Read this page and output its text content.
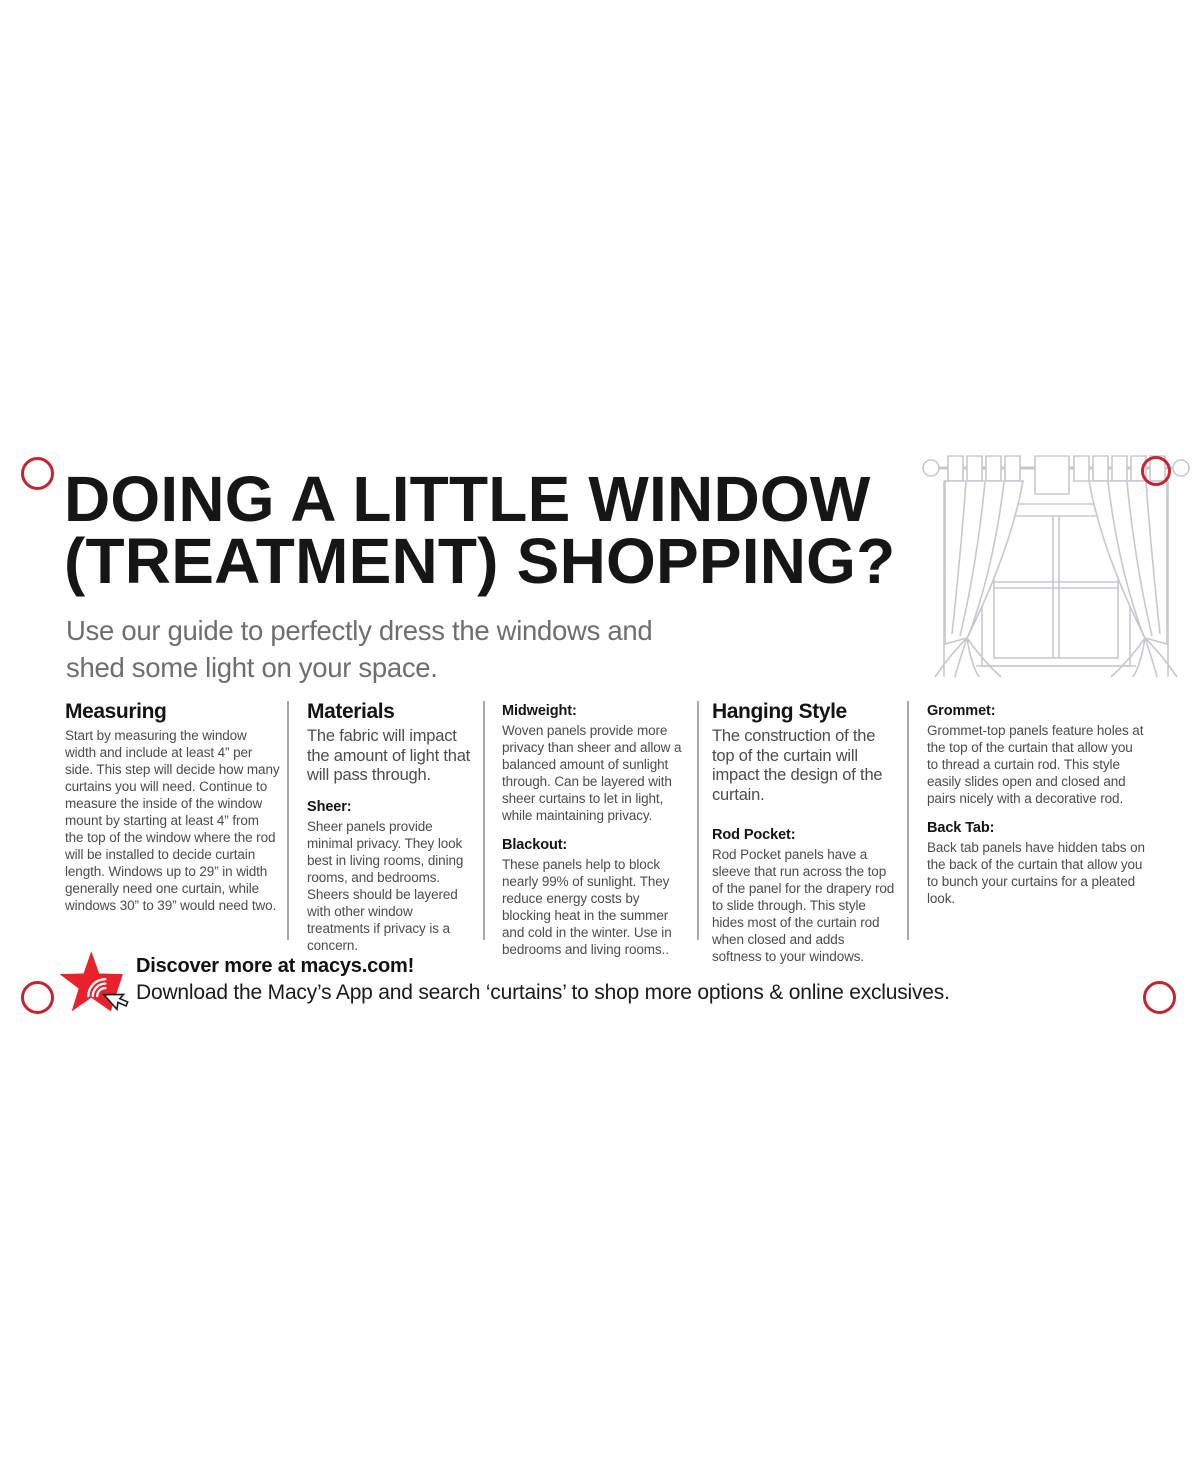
DOING A LITTLE WINDOW
(TREATMENT) SHOPPING?
Use our guide to perfectly dress the windows and
shed some light on your space.
Measuring
Start by measuring the window width and include at least 4” per side. This step will decide how many curtains you will need. Continue to measure the inside of the window mount by starting at least 4” from the top of the window where the rod will be installed to decide curtain length. Windows up to 29” in width generally need one curtain, while windows 30” to 39” would need two.
Materials
The fabric will impact the amount of light that will pass through.
Sheer:
Sheer panels provide minimal privacy. They look best in living rooms, dining rooms, and bedrooms. Sheers should be layered with other window treatments if privacy is a concern.
Midweight:
Woven panels provide more privacy than sheer and allow a balanced amount of sunlight through. Can be layered with sheer curtains to let in light, while maintaining privacy.
Blackout:
These panels help to block nearly 99% of sunlight. They reduce energy costs by blocking heat in the summer and cold in the winter. Use in bedrooms and living rooms..
Hanging Style
The construction of the top of the curtain will impact the design of the curtain.
Rod Pocket:
Rod Pocket panels have a sleeve that run across the top of the panel for the drapery rod to slide through. This style hides most of the curtain rod when closed and adds softness to your windows.
Grommet:
Grommet-top panels feature holes at the top of the curtain that allow you to thread a curtain rod. This style easily slides open and closed and pairs nicely with a decorative rod.
Back Tab:
Back tab panels have hidden tabs on the back of the curtain that allow you to bunch your curtains for a pleated look.
Discover more at macys.com!
Download the Macy’s App and search ‘curtains’ to shop more options & online exclusives.
